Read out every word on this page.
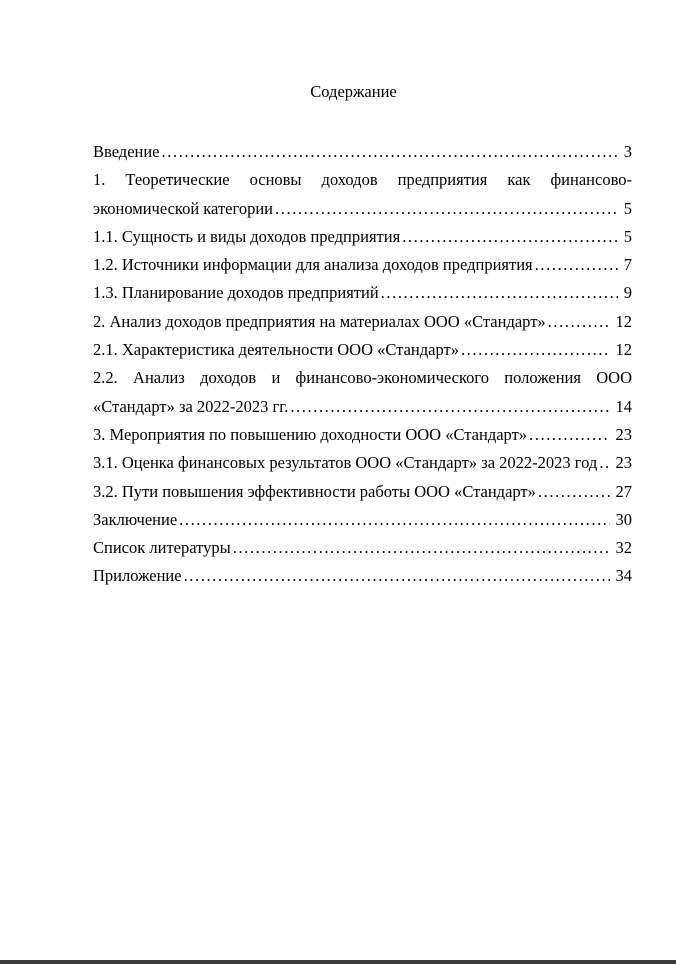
Содержание
Введение .....	3
1. Теоретические основы доходов предприятия как финансово-
экономической категории .....	5
1.1. Сущность и виды доходов предприятия .....	5
1.2. Источники информации для анализа доходов предприятия .....	7
1.3. Планирование доходов предприятий .....	9
2. Анализ доходов предприятия на материалах ООО «Стандарт» .....	12
2.1. Характеристика деятельности ООО «Стандарт» .....	12
2.2. Анализ доходов и финансово-экономического положения ООО
«Стандарт» за 2022-2023 гг. .....	14
3. Мероприятия по повышению доходности ООО «Стандарт» .....	23
3.1. Оценка финансовых результатов ООО «Стандарт» за 2022-2023 год .....	23
3.2. Пути повышения эффективности работы ООО «Стандарт» .....	27
Заключение .....	30
Список литературы .....	32
Приложение .....	34
